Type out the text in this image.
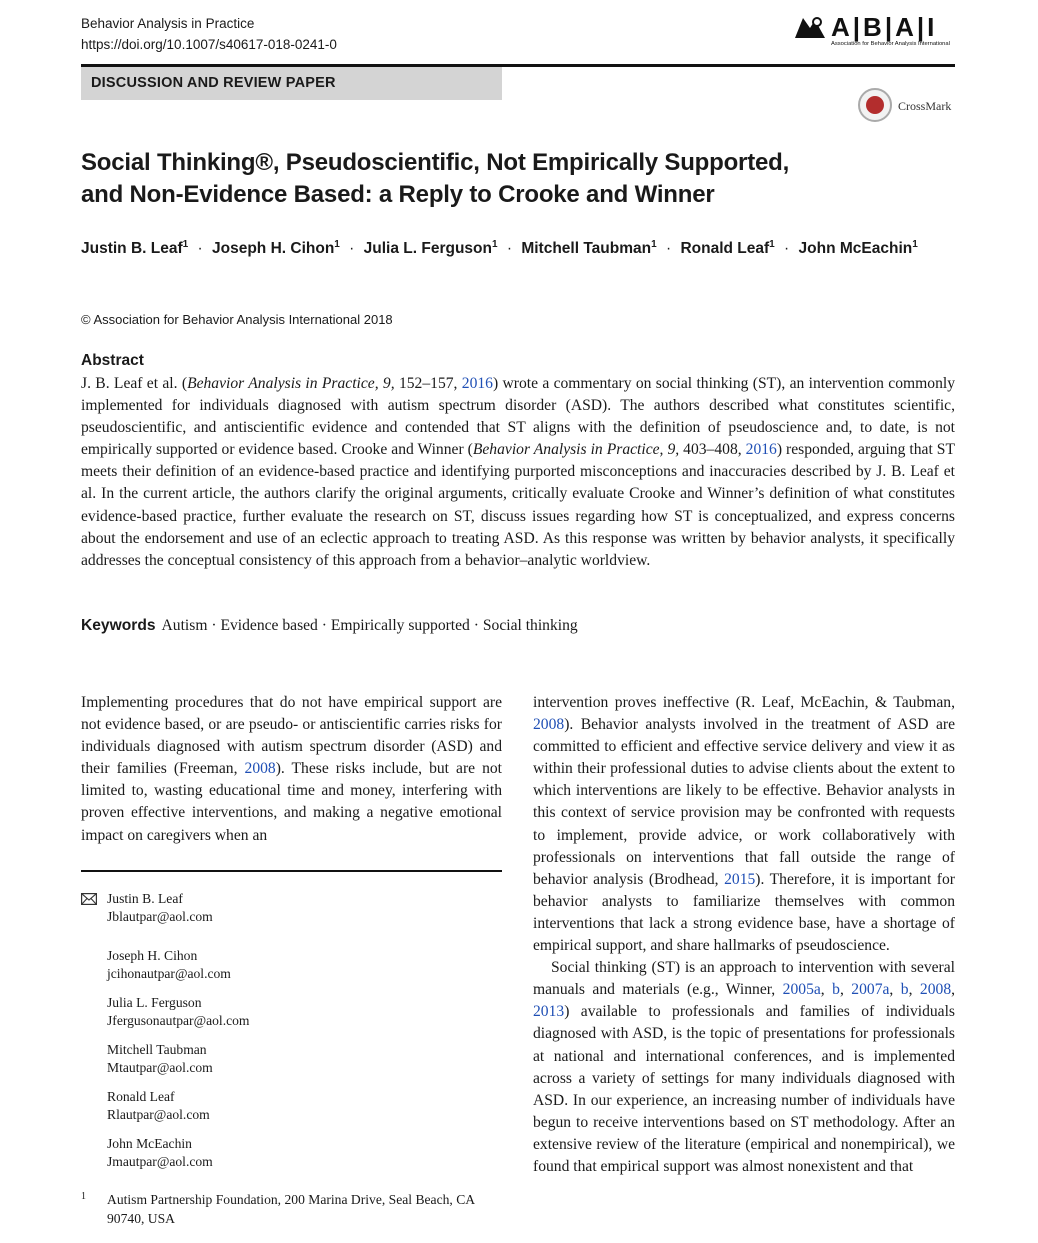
Behavior Analysis in Practice
https://doi.org/10.1007/s40617-018-0241-0
A|B|A|I
Association for Behavior Analysis International
DISCUSSION AND REVIEW PAPER
CrossMark
Social Thinking®, Pseudoscientific, Not Empirically Supported, and Non-Evidence Based: a Reply to Crooke and Winner
Justin B. Leaf$^1$ · Joseph H. Cihon$^1$ · Julia L. Ferguson$^1$ · Mitchell Taubman$^1$ · Ronald Leaf$^1$ · John McEachin$^1$
© Association for Behavior Analysis International 2018
Abstract
J. B. Leaf et al. (Behavior Analysis in Practice, 9, 152–157, 2016) wrote a commentary on social thinking (ST), an intervention commonly implemented for individuals diagnosed with autism spectrum disorder (ASD). The authors described what constitutes scientific, pseudoscientific, and antiscientific evidence and contended that ST aligns with the definition of pseudoscience and, to date, is not empirically supported or evidence based. Crooke and Winner (Behavior Analysis in Practice, 9, 403–408, 2016) responded, arguing that ST meets their definition of an evidence-based practice and identifying purported misconceptions and inaccuracies described by J. B. Leaf et al. In the current article, the authors clarify the original arguments, critically evaluate Crooke and Winner’s definition of what constitutes evidence-based practice, further evaluate the research on ST, discuss issues regarding how ST is conceptualized, and express concerns about the endorsement and use of an eclectic approach to treating ASD. As this response was written by behavior analysts, it specifically addresses the conceptual consistency of this approach from a behavior–analytic worldview.
Keywords Autism · Evidence based · Empirically supported · Social thinking
Implementing procedures that do not have empirical support are not evidence based, or are pseudo- or antiscientific carries risks for individuals diagnosed with autism spectrum disorder (ASD) and their families (Freeman, 2008). These risks include, but are not limited to, wasting educational time and money, interfering with proven effective interventions, and making a negative emotional impact on caregivers when an

intervention proves ineffective (R. Leaf, McEachin, & Taubman, 2008). Behavior analysts involved in the treatment of ASD are committed to efficient and effective service delivery and view it as within their professional duties to advise clients about the extent to which interventions are likely to be effective. Behavior analysts in this context of service provision may be confronted with requests to implement, provide advice, or work collaboratively with professionals on interventions that fall outside the range of behavior analysis (Brodhead, 2015). Therefore, it is important for behavior analysts to familiarize themselves with common interventions that lack a strong evidence base, have a shortage of empirical support, and share hallmarks of pseudoscience.

Social thinking (ST) is an approach to intervention with several manuals and materials (e.g., Winner, 2005a, b, 2007a, b, 2008, 2013) available to professionals and families of individuals diagnosed with ASD, is the topic of presentations for professionals at national and international conferences, and is implemented across a variety of settings for many individuals diagnosed with ASD. In our experience, an increasing number of individuals have begun to receive interventions based on ST methodology. After an extensive review of the literature (empirical and nonempirical), we found that empirical support was almost nonexistent and that

Justin B. Leaf
Jblautpar@aol.com
Joseph H. Cihon
jcihonautpar@aol.com
Julia L. Ferguson
Jfergusonautpar@aol.com
Mitchell Taubman
Mtautpar@aol.com
Ronald Leaf
Rlautpar@aol.com
John McEachin
Jmautpar@aol.com
1 Autism Partnership Foundation, 200 Marina Drive, Seal Beach, CA 90740, USA
